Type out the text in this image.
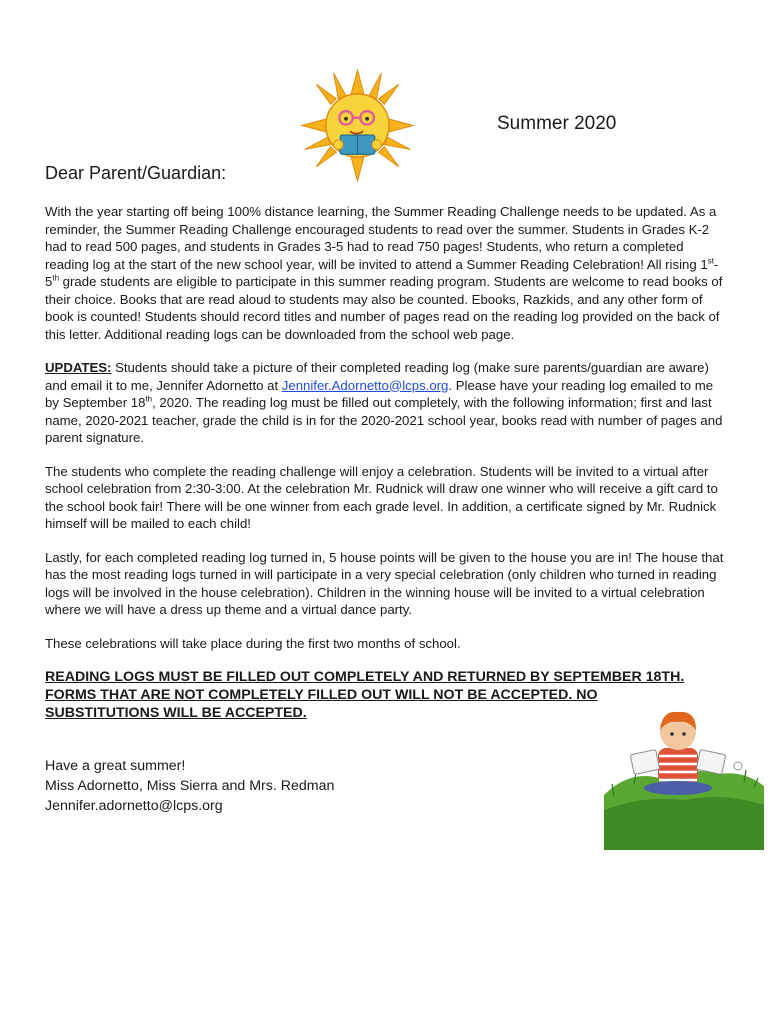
Summer 2020
Dear Parent/Guardian:

With the year starting off being 100% distance learning, the Summer Reading Challenge needs to be updated. As a reminder, the Summer Reading Challenge encouraged students to read over the summer. Students in Grades K-2 had to read 500 pages, and students in Grades 3-5 had to read 750 pages! Students, who return a completed reading log at the start of the new school year, will be invited to attend a Summer Reading Celebration! All rising 1st-5th grade students are eligible to participate in this summer reading program. Students are welcome to read books of their choice. Books that are read aloud to students may also be counted. Ebooks, Razkids, and any other form of book is counted! Students should record titles and number of pages read on the reading log provided on the back of this letter. Additional reading logs can be downloaded from the school web page.

UPDATES: Students should take a picture of their completed reading log (make sure parents/guardian are aware) and email it to me, Jennifer Adornetto at Jennifer.Adornetto@lcps.org. Please have your reading log emailed to me by September 18th, 2020. The reading log must be filled out completely, with the following information; first and last name, 2020-2021 teacher, grade the child is in for the 2020-2021 school year, books read with number of pages and parent signature.

The students who complete the reading challenge will enjoy a celebration. Students will be invited to a virtual after school celebration from 2:30-3:00. At the celebration Mr. Rudnick will draw one winner who will receive a gift card to the school book fair! There will be one winner from each grade level. In addition, a certificate signed by Mr. Rudnick himself will be mailed to each child!

Lastly, for each completed reading log turned in, 5 house points will be given to the house you are in! The house that has the most reading logs turned in will participate in a very special celebration (only children who turned in reading logs will be involved in the house celebration). Children in the winning house will be invited to a virtual celebration where we will have a dress up theme and a virtual dance party.

These celebrations will take place during the first two months of school.

READING LOGS MUST BE FILLED OUT COMPLETELY AND RETURNED BY SEPTEMBER 18TH. FORMS THAT ARE NOT COMPLETELY FILLED OUT WILL NOT BE ACCEPTED. NO SUBSTITUTIONS WILL BE ACCEPTED.

Have a great summer!
Miss Adornetto, Miss Sierra and Mrs. Redman
Jennifer.adornetto@lcps.org
